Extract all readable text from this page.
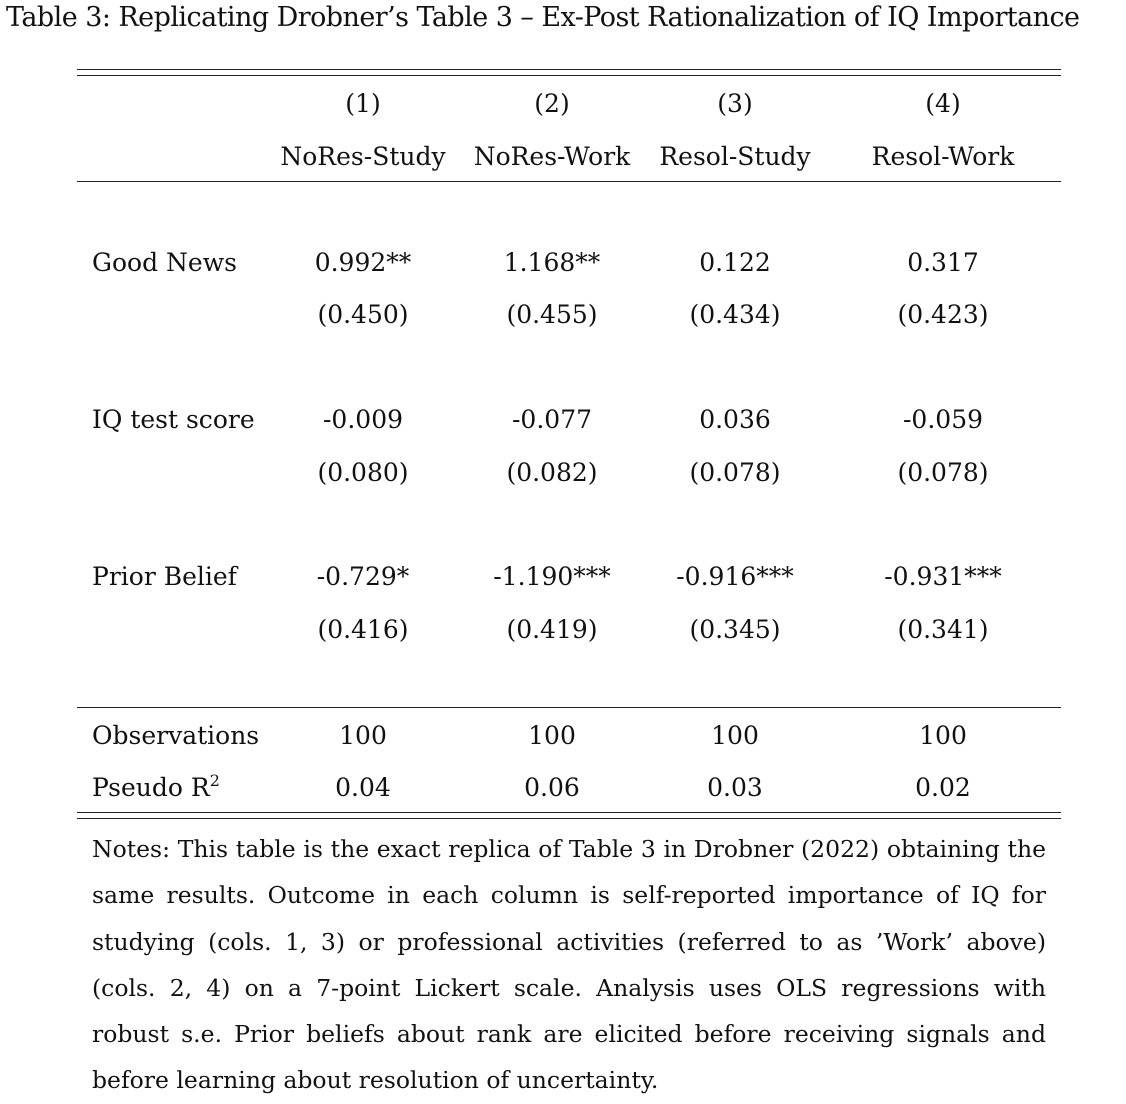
Table 3: Replicating Drobner’s Table 3 – Ex-Post Rationalization of IQ Importance
(1)	(2)	(3)	(4)
NoRes-Study	NoRes-Work	Resol-Study	Resol-Work
Good News	0.992**	1.168**	0.122	0.317
(0.450)	(0.455)	(0.434)	(0.423)
IQ test score	-0.009	-0.077	0.036	-0.059
(0.080)	(0.082)	(0.078)	(0.078)
Prior Belief	-0.729*	-1.190***	-0.916***	-0.931***
(0.416)	(0.419)	(0.345)	(0.341)
Observations	100	100	100	100
Pseudo $R^2$	0.04	0.06	0.03	0.02
Notes: This table is the exact replica of Table 3 in Drobner (2022) obtaining the same results. Outcome in each column is self-reported importance of IQ for studying (cols. 1, 3) or professional activities (referred to as ’Work’ above) (cols. 2, 4) on a 7-point Lickert scale. Analysis uses OLS regressions with robust s.e. Prior beliefs about rank are elicited before receiving signals and before learning about resolution of uncertainty.
